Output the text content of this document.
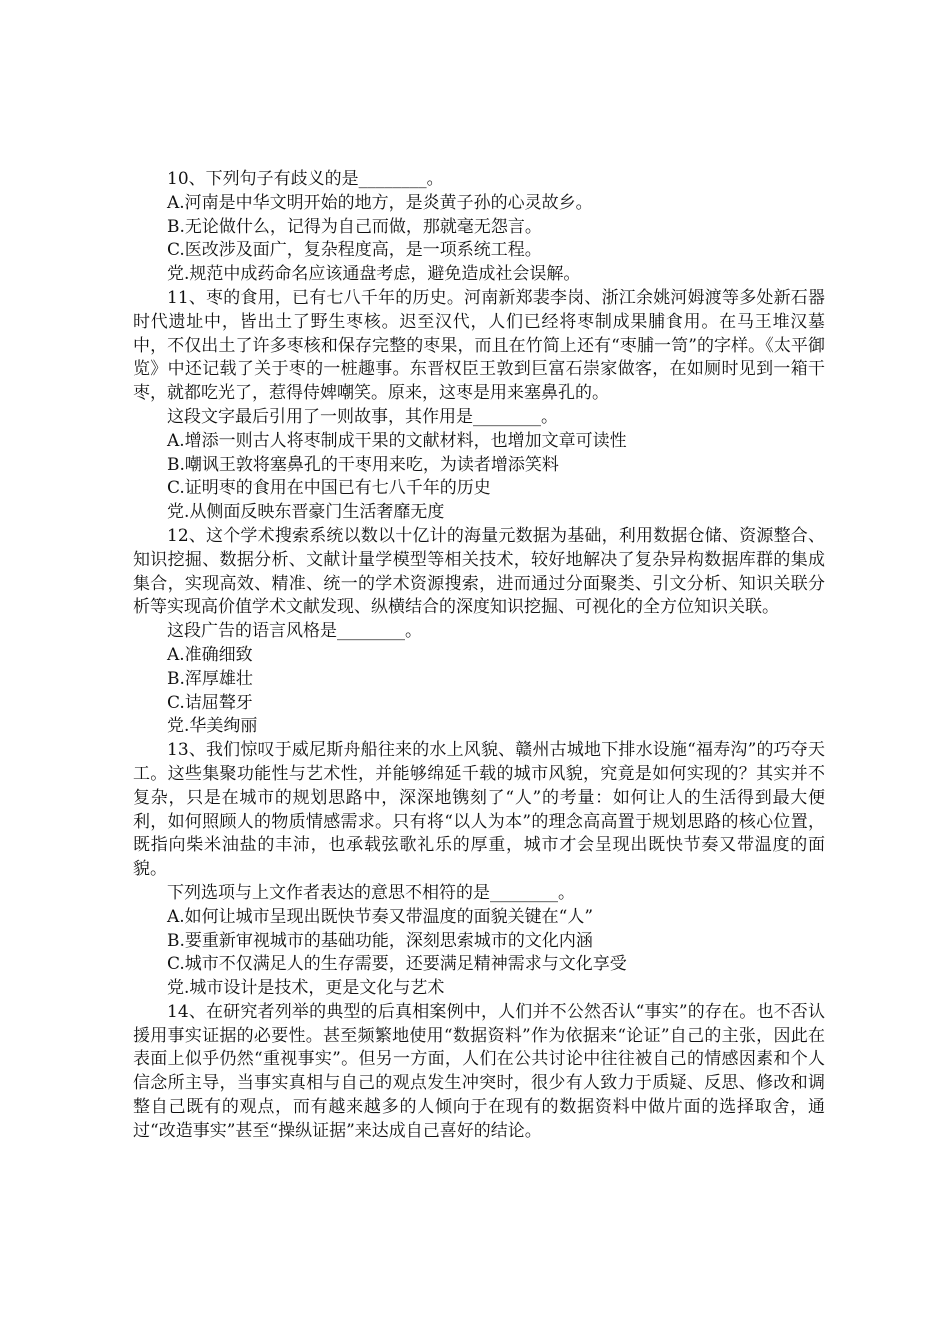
10、下列句子有歧义的是________。

A.河南是中华文明开始的地方，是炎黄子孙的心灵故乡。

B.无论做什么，记得为自己而做，那就毫无怨言。

C.医改涉及面广，复杂程度高，是一项系统工程。

党.规范中成药命名应该通盘考虑，避免造成社会误解。

11、枣的食用，已有七八千年的历史。河南新郑裴李岗、浙江余姚河姆渡等多处新石器时代遗址中，皆出土了野生枣核。迟至汉代，人们已经将枣制成果脯食用。在马王堆汉墓中，不仅出土了许多枣核和保存完整的枣果，而且在竹简上还有“枣脯一笥”的字样。《太平御览》中还记载了关于枣的一桩趣事。东晋权臣王敦到巨富石崇家做客，在如厕时见到一箱干枣，就都吃光了，惹得侍婢嘲笑。原来，这枣是用来塞鼻孔的。

这段文字最后引用了一则故事，其作用是________。

A.增添一则古人将枣制成干果的文献材料，也增加文章可读性

B.嘲讽王敦将塞鼻孔的干枣用来吃，为读者增添笑料

C.证明枣的食用在中国已有七八千年的历史

党.从侧面反映东晋豪门生活奢靡无度

12、这个学术搜索系统以数以十亿计的海量元数据为基础，利用数据仓储、资源整合、知识挖掘、数据分析、文献计量学模型等相关技术，较好地解决了复杂异构数据库群的集成集合，实现高效、精准、统一的学术资源搜索，进而通过分面聚类、引文分析、知识关联分析等实现高价值学术文献发现、纵横结合的深度知识挖掘、可视化的全方位知识关联。

这段广告的语言风格是________。

A.准确细致

B.浑厚雄壮

C.诘屈聱牙

党.华美绚丽

13、我们惊叹于威尼斯舟船往来的水上风貌、赣州古城地下排水设施“福寿沟”的巧夺天工。这些集聚功能性与艺术性，并能够绵延千载的城市风貌，究竟是如何实现的？其实并不复杂，只是在城市的规划思路中，深深地镌刻了“人”的考量：如何让人的生活得到最大便利，如何照顾人的物质情感需求。只有将“以人为本”的理念高高置于规划思路的核心位置，既指向柴米油盐的丰沛，也承载弦歌礼乐的厚重，城市才会呈现出既快节奏又带温度的面貌。

下列选项与上文作者表达的意思不相符的是________。

A.如何让城市呈现出既快节奏又带温度的面貌关键在“人”

B.要重新审视城市的基础功能，深刻思索城市的文化内涵

C.城市不仅满足人的生存需要，还要满足精神需求与文化享受

党.城市设计是技术，更是文化与艺术

14、在研究者列举的典型的后真相案例中，人们并不公然否认“事实”的存在。也不否认援用事实证据的必要性。甚至频繁地使用“数据资料”作为依据来“论证”自己的主张，因此在表面上似乎仍然“重视事实”。但另一方面，人们在公共讨论中往往被自己的情感因素和个人信念所主导，当事实真相与自己的观点发生冲突时，很少有人致力于质疑、反思、修改和调整自己既有的观点，而有越来越多的人倾向于在现有的数据资料中做片面的选择取舍，通过“改造事实”甚至“操纵证据”来达成自己喜好的结论。
